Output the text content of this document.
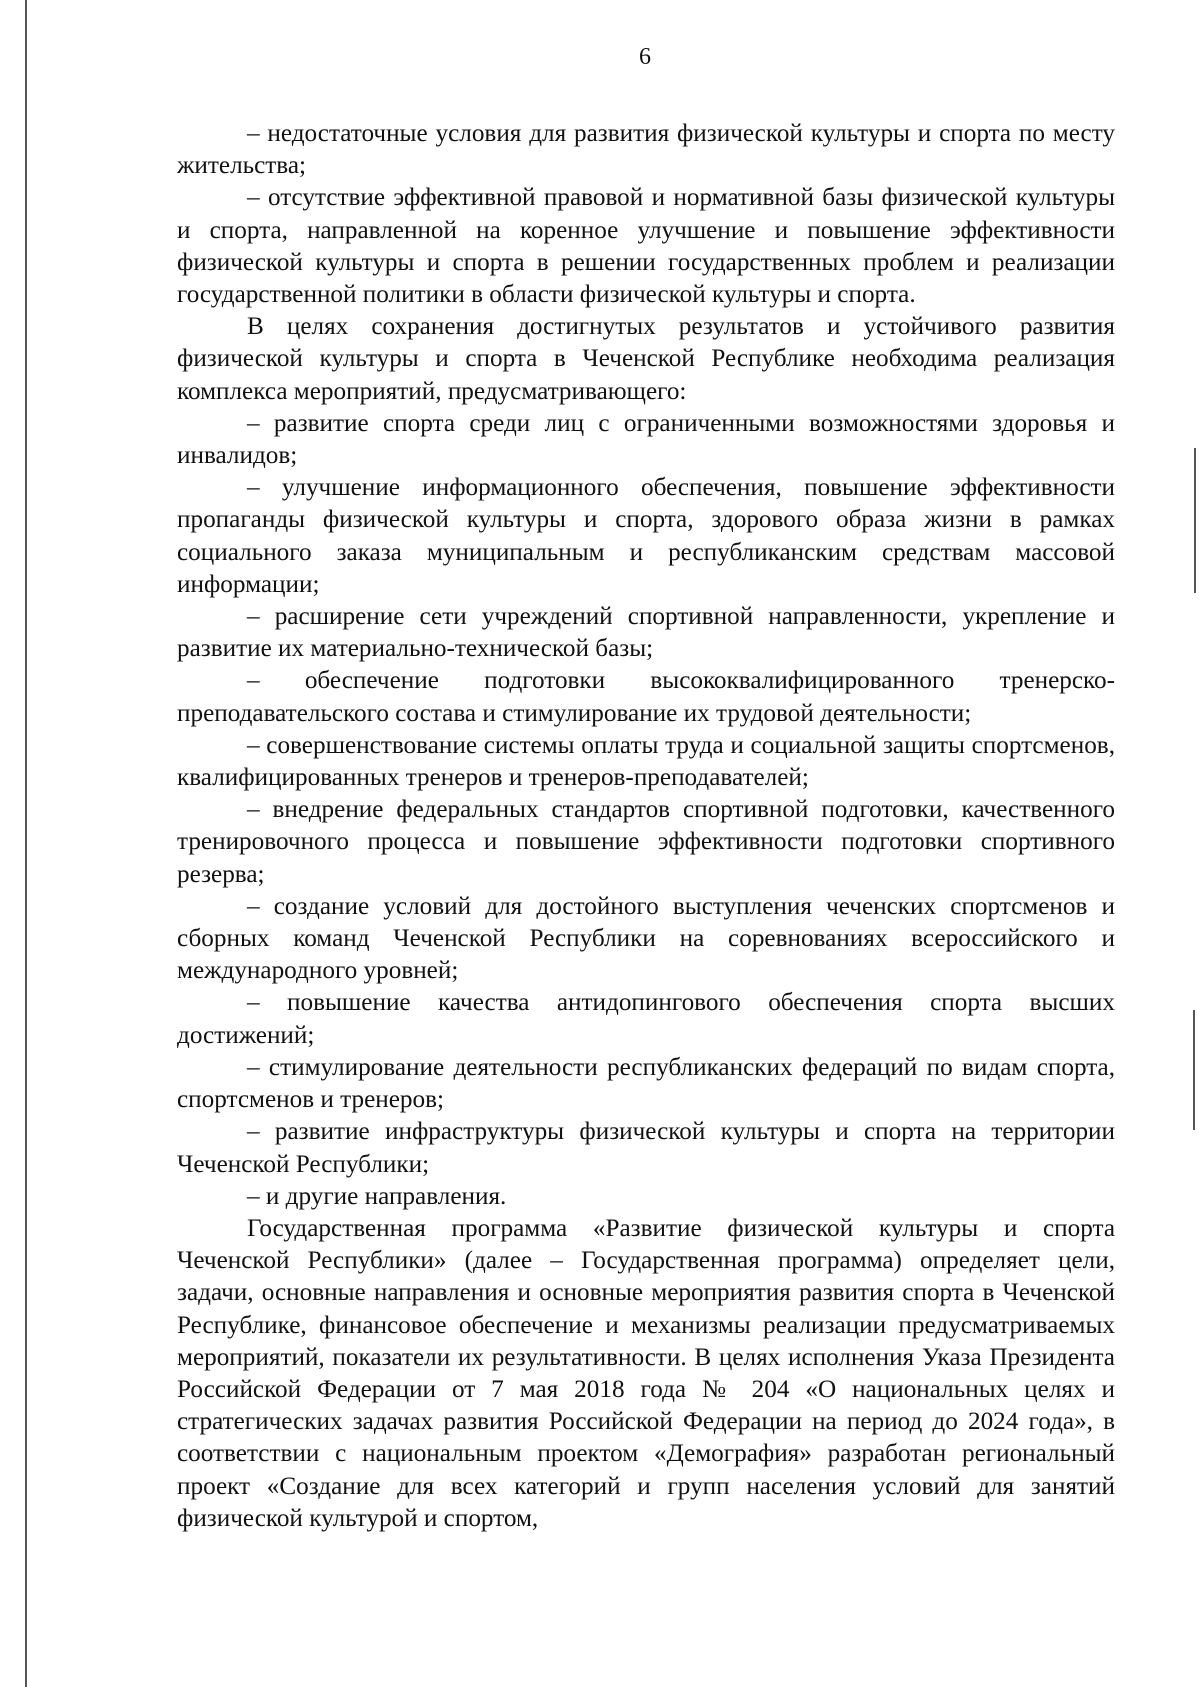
6

– недостаточные условия для развития физической культуры и спорта по месту жительства;

– отсутствие эффективной правовой и нормативной базы физической культуры и спорта, направленной на коренное улучшение и повышение эффективности физической культуры и спорта в решении государственных проблем и реализации государственной политики в области физической культуры и спорта.

В целях сохранения достигнутых результатов и устойчивого развития физической культуры и спорта в Чеченской Республике необходима реализация комплекса мероприятий, предусматривающего:

– развитие спорта среди лиц с ограниченными возможностями здоровья и инвалидов;

– улучшение информационного обеспечения, повышение эффективности пропаганды физической культуры и спорта, здорового образа жизни в рамках социального заказа муниципальным и республиканским средствам массовой информации;

– расширение сети учреждений спортивной направленности, укрепление и развитие их материально-технической базы;

– обеспечение подготовки высококвалифицированного тренерско-преподавательского состава и стимулирование их трудовой деятельности;

– совершенствование системы оплаты труда и социальной защиты спортсменов, квалифицированных тренеров и тренеров-преподавателей;

– внедрение федеральных стандартов спортивной подготовки, качественного тренировочного процесса и повышение эффективности подготовки спортивного резерва;

– создание условий для достойного выступления чеченских спортсменов и сборных команд Чеченской Республики на соревнованиях всероссийского и международного уровней;

– повышение качества антидопингового обеспечения спорта высших достижений;

– стимулирование деятельности республиканских федераций по видам спорта, спортсменов и тренеров;

– развитие инфраструктуры физической культуры и спорта на территории Чеченской Республики;

– и другие направления.

Государственная программа «Развитие физической культуры и спорта Чеченской Республики» (далее – Государственная программа) определяет цели, задачи, основные направления и основные мероприятия развития спорта в Чеченской Республике, финансовое обеспечение и механизмы реализации предусматриваемых мероприятий, показатели их результативности. В целях исполнения Указа Президента Российской Федерации от 7 мая 2018 года № 204 «О национальных целях и стратегических задачах развития Российской Федерации на период до 2024 года», в соответствии с национальным проектом «Демография» разработан региональный проект «Создание для всех категорий и групп населения условий для занятий физической культурой и спортом,
